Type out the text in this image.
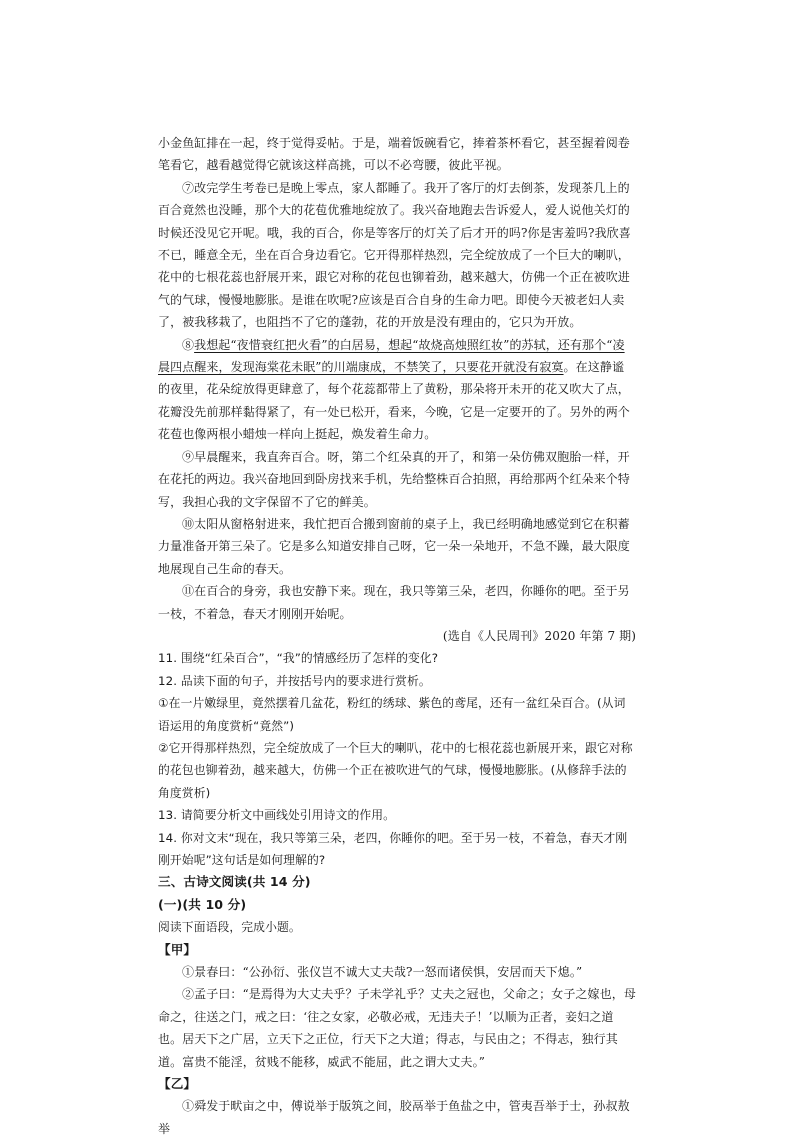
小金鱼缸排在一起，终于觉得妥帖。于是，端着饭碗看它，捧着茶杯看它，甚至握着阅卷笔看它，越看越觉得它就该这样高挑，可以不必弯腰，彼此平视。

⑦改完学生考卷已是晚上零点，家人都睡了。我开了客厅的灯去倒茶，发现茶几上的百合竟然也没睡，那个大的花苞优雅地绽放了。我兴奋地跑去告诉爱人，爱人说他关灯的时候还没见它开呢。哦，我的百合，你是等客厅的灯关了后才开的吗?你是害羞吗?我欣喜不已，睡意全无，坐在百合身边看它。它开得那样热烈，完全绽放成了一个巨大的喇叭，花中的七根花蕊也舒展开来，跟它对称的花包也铆着劲，越来越大，仿佛一个正在被吹进气的气球，慢慢地膨胀。是谁在吹呢?应该是百合自身的生命力吧。即使今天被老妇人卖了，被我移栽了，也阻挡不了它的蓬勃，花的开放是没有理由的，它只为开放。

⑧我想起“夜惜衰红把火看”的白居易，想起“故烧高烛照红妆”的苏轼，还有那个“凌晨四点醒来，发现海棠花未眠”的川端康成，不禁笑了，只要花开就没有寂寞。在这静谧的夜里，花朵绽放得更肆意了，每个花蕊都带上了黄粉，那朵将开未开的花又吹大了点，花瓣没先前那样黏得紧了，有一处已松开，看来，今晚，它是一定要开的了。另外的两个花苞也像两根小蜡烛一样向上挺起，焕发着生命力。

⑨早晨醒来，我直奔百合。呀，第二个红朵真的开了，和第一朵仿佛双胞胎一样，开在花托的两边。我兴奋地回到卧房找来手机，先给整株百合拍照，再给那两个红朵来个特写，我担心我的文字保留不了它的鲜美。

⑩太阳从窗格射进来，我忙把百合搬到窗前的桌子上，我已经明确地感觉到它在积蓄力量准备开第三朵了。它是多么知道安排自己呀，它一朵一朵地开，不急不躁，最大限度地展现自己生命的春天。

⑪在百合的身旁，我也安静下来。现在，我只等第三朵，老四，你睡你的吧。至于另一枝，不着急，春天才刚刚开始呢。

(选自《人民周刊》2020 年第 7 期)

11. 围绕“红朵百合”，“我”的情感经历了怎样的变化?

12. 品读下面的句子，并按括号内的要求进行赏析。

①在一片嫩绿里，竟然摆着几盆花，粉红的绣球、紫色的鸢尾，还有一盆红朵百合。(从词语运用的角度赏析“竟然”)

②它开得那样热烈，完全绽放成了一个巨大的喇叭，花中的七根花蕊也新展开来，跟它对称的花包也铆着劲，越来越大，仿佛一个正在被吹进气的气球，慢慢地膨胀。(从修辞手法的角度赏析)

13. 请简要分析文中画线处引用诗文的作用。

14. 你对文末“现在，我只等第三朵，老四，你睡你的吧。至于另一枝，不着急，春天才刚刚开始呢”这句话是如何理解的?

三、古诗文阅读(共 14 分)

(一)(共 10 分)

阅读下面语段，完成小题。

【甲】

①景春曰：“公孙衍、张仪岂不诚大丈夫哉?一怒而诸侯惧，安居而天下熄。”

②孟子曰：“是焉得为大丈夫乎？子未学礼乎？丈夫之冠也，父命之；女子之嫁也，母命之，往送之门，戒之曰：‘往之女家，必敬必戒，无违夫子！’以顺为正者，妾妇之道也。居天下之广居，立天下之正位，行天下之大道；得志，与民由之；不得志，独行其道。富贵不能淫，贫贱不能移，威武不能屈，此之谓大丈夫。”

【乙】

①舜发于畎亩之中，傅说举于版筑之间，胶鬲举于鱼盐之中，管夷吾举于士，孙叔敖举
